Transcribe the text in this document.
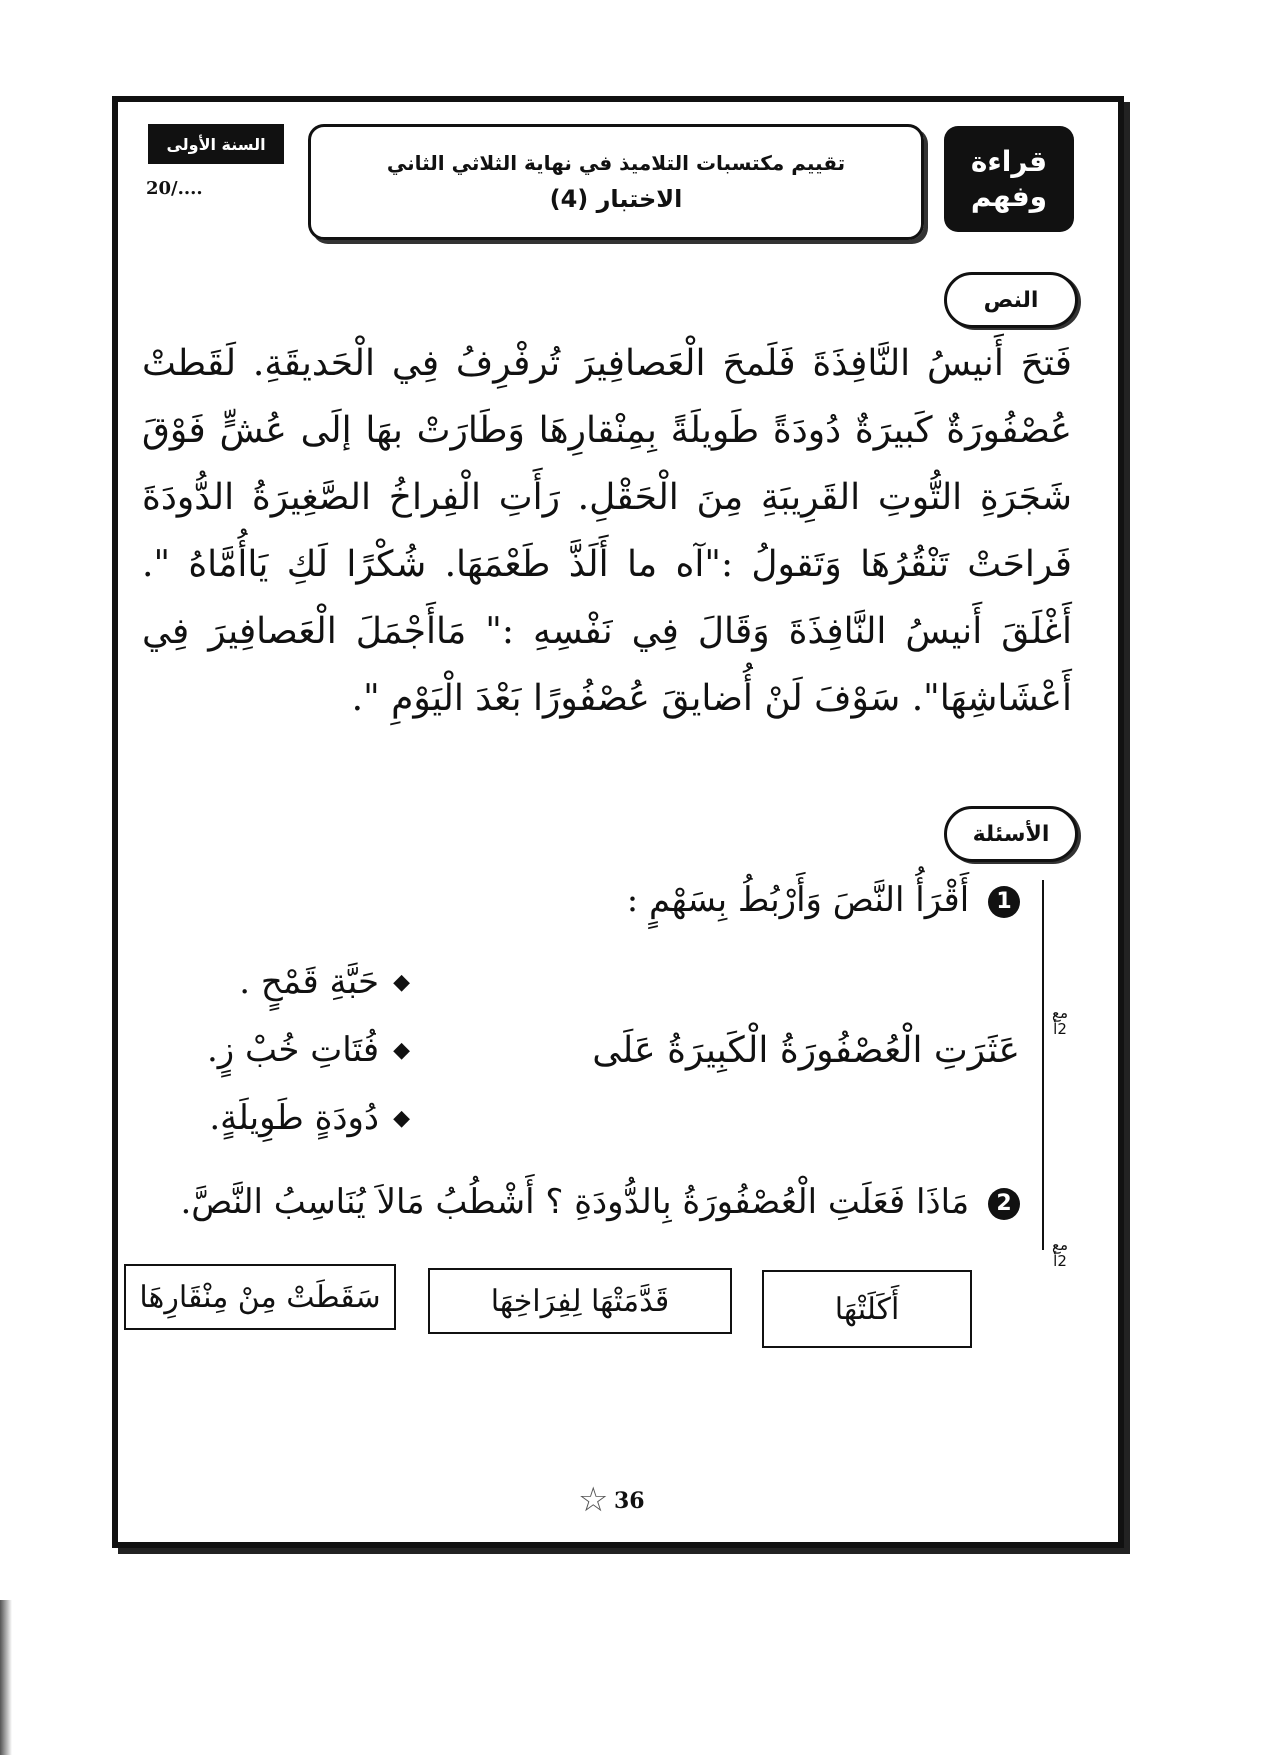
السنة الأولى
20/....
تقييم مكتسبات التلاميذ في نهاية الثلاثي الثاني
الاختبار (4)
قراءة
وفهم
النص
فَتحَ أَنيسُ النَّافِذَةَ فَلَمحَ الْعَصافِيرَ تُرفْرِفُ فِي الْحَديقَةِ. لَقَطتْ عُصْفُورَةٌ كَبيرَةٌ دُودَةً طَويلَةً بِمِنْقارِهَا وَطَارَتْ بهَا إلَى عُشٍّ فَوْقَ شَجَرَةِ التُّوتِ القَرِيبَةِ مِنَ الْحَقْلِ. رَأَتِ الْفِراخُ الصَّغِيرَةُ الدُّودَةَ فَراحَتْ تَنْقُرُهَا وَتَقولُ :"آه ما أَلَذَّ طَعْمَهَا. شُكْرًا لَكِ يَاأُمَّاهُ ". أَغْلَقَ أَنيسُ النَّافِذَةَ وَقَالَ فِي نَفْسِهِ :" مَاأَجْمَلَ الْعَصافِيرَ فِي أَعْشَاشِهَا". سَوْفَ لَنْ أُضايقَ عُصْفُورًا بَعْدَ الْيَوْمِ ".
الأسئلة
مع
2أ
مع
2أ
1 أَقْرَأُ النَّصَ وَأَرْبُطُ بِسَهْمٍ :
عَثَرَتِ الْعُصْفُورَةُ الْكَبِيرَةُ عَلَى
◆
حَبَّةِ قَمْحٍ .
◆
فُتَاتِ خُبْ زٍ.
◆
دُودَةٍ طَوِيلَةٍ.
2 مَاذَا فَعَلَتِ الْعُصْفُورَةُ بِالدُّودَةِ ؟ أَشْطُبُ مَالاَ يُنَاسِبُ النَّصَّ.
أَكَلَتْهَا
قَدَّمَتْهَا لِفِرَاخِهَا
سَقَطَتْ مِنْ مِنْقَارِهَا
☆ 36
